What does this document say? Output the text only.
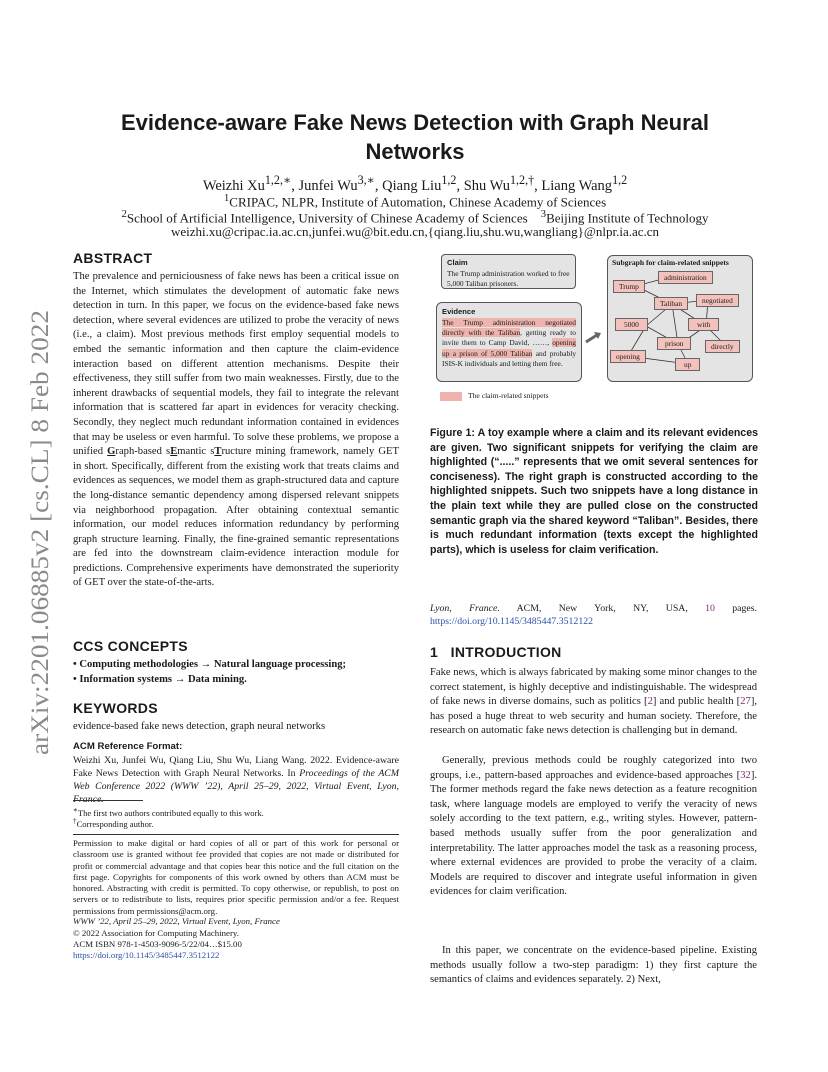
arXiv:2201.06885v2 [cs.CL] 8 Feb 2022
Evidence-aware Fake News Detection with Graph Neural Networks
Weizhi $Xu^{1,2,∗}$, Junfei $Wu^{3,∗}$, Qiang Liu$^{1,2}$, Shu $Wu^{1,2,\dagger}$, Liang Wang$^{1,2}$
$^1$CRIPAC, NLPR, Institute of Automation, Chinese Academy of Sciences
$^2$School of Artificial Intelligence, University of Chinese Academy of Sciences $^3$Beijing Institute of Technology
weizhi.xu@cripac.ia.ac.cn,junfei.wu@bit.edu.cn,{qiang.liu,shu.wu,wangliang}@nlpr.ia.ac.cn
ABSTRACT
The prevalence and perniciousness of fake news has been a critical issue on the Internet, which stimulates the development of automatic fake news detection in turn. In this paper, we focus on the evidence-based fake news detection, where several evidences are utilized to probe the veracity of news (i.e., a claim). Most previous methods first employ sequential models to embed the semantic information and then capture the claim-evidence interaction based on different attention mechanisms. Despite their effectiveness, they still suffer from two main weaknesses. Firstly, due to the inherent drawbacks of sequential models, they fail to integrate the relevant information that is scattered far apart in evidences for veracity checking. Secondly, they neglect much redundant information contained in evidences that may be useless or even harmful. To solve these problems, we propose a unified Graph-based sEmantic sTructure mining framework, namely GET in short. Specifically, different from the existing work that treats claims and evidences as sequences, we model them as graph-structured data and capture the long-distance semantic dependency among dispersed relevant snippets via neighborhood propagation. After obtaining contextual semantic information, our model reduces information redundancy by performing graph structure learning. Finally, the fine-grained semantic representations are fed into the downstream claim-evidence interaction module for predictions. Comprehensive experiments have demonstrated the superiority of GET over the state-of-the-arts.
CCS CONCEPTS
• Computing methodologies → Natural language processing;
• Information systems → Data mining.
KEYWORDS
evidence-based fake news detection, graph neural networks
ACM Reference Format:
Weizhi Xu, Junfei Wu, Qiang Liu, Shu Wu, Liang Wang. 2022. Evidence-aware Fake News Detection with Graph Neural Networks. In Proceedings of the ACM Web Conference 2022 (WWW ’22), April 25–29, 2022, Virtual Event, Lyon, France.
∗The first two authors contributed equally to this work.
†Corresponding author.
Permission to make digital or hard copies of all or part of this work for personal or classroom use is granted without fee provided that copies are not made or distributed for profit or commercial advantage and that copies bear this notice and the full citation on the first page. Copyrights for components of this work owned by others than ACM must be honored. Abstracting with credit is permitted. To copy otherwise, or republish, to post on servers or to redistribute to lists, requires prior specific permission and/or a fee. Request permissions from permissions@acm.org.
WWW ’22, April 25–29, 2022, Virtual Event, Lyon, France
© 2022 Association for Computing Machinery.
ACM ISBN 978-1-4503-9096-5/22/04…$15.00
https://doi.org/10.1145/3485447.3512122
Claim
The Trump administration worked to free 5,000 Taliban prisoners.
Evidence
The Trump administration negotiated directly with the Taliban, getting ready to invite them to Camp David, ……, opening up a prison of 5,000 Taliban and probably ISIS-K individuals and letting them free.
Subgraph for claim-related snippets
administration
Trump
Taliban	negotiated
5000	with
prison	directly
opening
up
The claim-related snippets
Figure 1: A toy example where a claim and its relevant evidences are given. Two significant snippets for verifying the claim are highlighted (“.....” represents that we omit several sentences for conciseness). The right graph is constructed according to the highlighted snippets. Such two snippets have a long distance in the plain text while they are pulled close on the constructed semantic graph via the shared keyword “Taliban”. Besides, there is much redundant information (texts except the highlighted parts), which is useless for claim verification.
Lyon, France. ACM, New York, NY, USA, 10 pages. https://doi.org/10.1145/3485447.3512122
1 INTRODUCTION
Fake news, which is always fabricated by making some minor changes to the correct statement, is highly deceptive and indistinguishable. The widespread of fake news in diverse domains, such as politics [2] and public health [27], has posed a huge threat to web security and human society. Therefore, the research on automatic fake news detection is challenging but in demand.
Generally, previous methods could be roughly categorized into two groups, i.e., pattern-based approaches and evidence-based approaches [32]. The former methods regard the fake news detection as a feature recognition task, where language models are employed to verify the veracity of news solely according to the text pattern, e.g., writing styles. However, pattern-based methods usually suffer from the poor generalization and interpretability. The latter approaches model the task as a reasoning process, where external evidences are provided to probe the veracity of a claim. Models are required to discover and integrate useful information in given evidences for claim verification.
In this paper, we concentrate on the evidence-based pipeline. Existing methods usually follow a two-step paradigm: 1) they first capture the semantics of claims and evidences separately. 2) Next,
